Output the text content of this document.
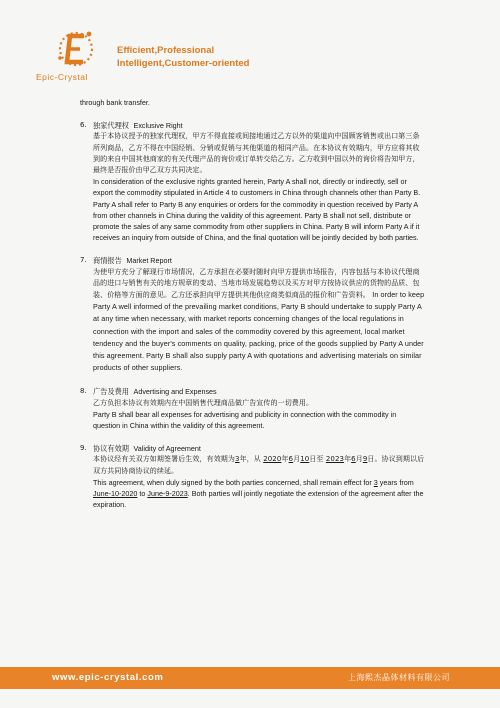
Epic-Crystal
Efficient,Professional
Intelligent,Customer-oriented

through bank transfer.

6. 独家代理权 Exclusive Right

基于本协议授予的独家代理权，甲方不得直接或间接地通过乙方以外的渠道向中国顾客销售或出口第三条所列商品，乙方不得在中国经销、分销或促销与其他渠道的相同产品。在本协议有效期内，甲方应将其收到的来自中国其他商家的有关代理产品的询价或订单转交给乙方。乙方收到中国以外的询价将告知甲方，最终是否报价由甲乙双方共同决定。

In consideration of the exclusive rights granted herein, Party A shall not, directly or indirectly, sell or export the commodity stipulated in Article 4 to customers in China through channels other than Party B. Party A shall refer to Party B any enquiries or orders for the commodity in question received by Party A from other channels in China during the validity of this agreement. Party B shall not sell, distribute or promote the sales of any same commodity from other suppliers in China. Party B will inform Party A if it receives an inquiry from outside of China, and the final quotation will be jointly decided by both parties.

7. 商情报告 Market Report

为使甲方充分了解现行市场情况，乙方承担在必要时随时向甲方提供市场报告，内容包括与本协议代理商品的进口与销售有关的地方规章的变动、当地市场发展趋势以及买方对甲方按协议供应的货物的品质、包装、价格等方面的意见。乙方还承担向甲方提供其他供应商类似商品的报价和广告资料。 In order to keep Party A well informed of the prevailing market conditions, Party B should undertake to supply Party A at any time when necessary, with market reports concerning changes of the local regulations in connection with the import and sales of the commodity covered by this agreement, local market tendency and the buyer's comments on quality, packing, price of the goods supplied by Party A under this agreement. Party B shall also supply party A with quotations and advertising materials on similar products of other suppliers.

8. 广告及费用 Advertising and Expenses

乙方负担本协议有效期内在中国销售代理商品做广告宣传的一切费用。

Party B shall bear all expenses for advertising and publicity in connection with the commodity in question in China within the validity of this agreement.

9. 协议有效期 Validity of Agreement

本协议经有关双方如期签署后生效，有效期为3年，从 2020年6月10日至 2023年6月9日。协议到期以后双方共同协商协议的续延。

This agreement, when duly signed by the both parties concerned, shall remain effect for 3 years from June-10-2020 to June-9-2023. Both parties will jointly negotiate the extension of the agreement after the expiration.

www.epic-crystal.com	上海熙杰晶体材料有限公司
